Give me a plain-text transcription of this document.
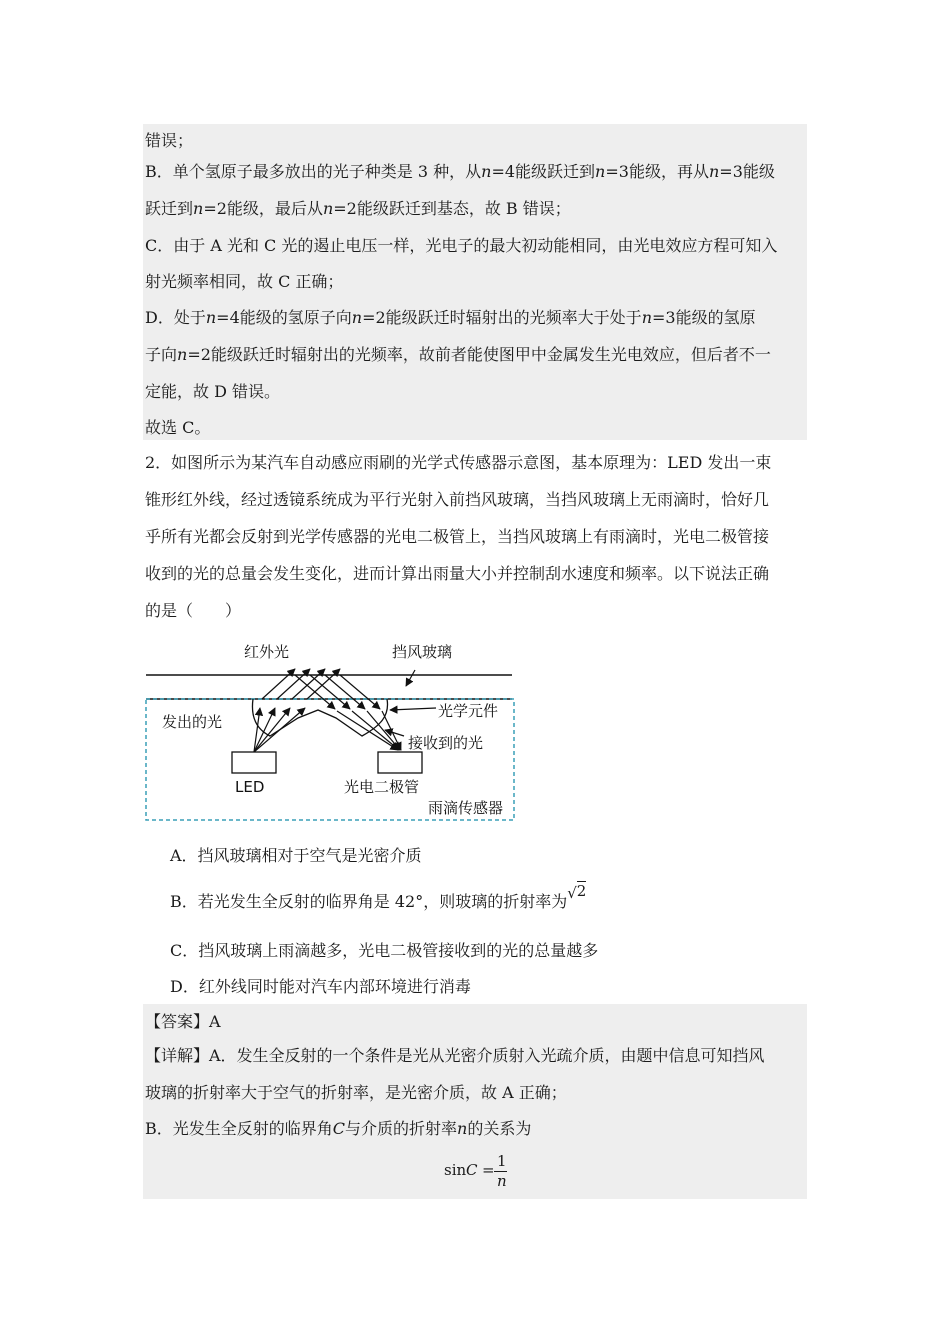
错误；
B．单个氢原子最多放出的光子种类是 3 种，从n=4能级跃迁到n=3能级，再从n=3能级
跃迁到n=2能级，最后从n=2能级跃迁到基态，故 B 错误；
C．由于 A 光和 C 光的遏止电压一样，光电子的最大初动能相同，由光电效应方程可知入
射光频率相同，故 C 正确；
D．处于n=4能级的氢原子向n=2能级跃迁时辐射出的光频率大于处于n=3能级的氢原
子向n=2能级跃迁时辐射出的光频率，故前者能使图甲中金属发生光电效应，但后者不一
定能，故 D 错误。
故选 C。
2．如图所示为某汽车自动感应雨刷的光学式传感器示意图，基本原理为：LED 发出一束
锥形红外线，经过透镜系统成为平行光射入前挡风玻璃，当挡风玻璃上无雨滴时，恰好几
乎所有光都会反射到光学传感器的光电二极管上，当挡风玻璃上有雨滴时，光电二极管接
收到的光的总量会发生变化，进而计算出雨量大小并控制刮水速度和频率。以下说法正确
的是（　　）
红外光	挡风玻璃
发出的光
光学元件
接收到的光
LED	光电二极管
雨滴传感器
A．挡风玻璃相对于空气是光密介质
B．若光发生全反射的临界角是 42°，则玻璃的折射率为√2
C．挡风玻璃上雨滴越多，光电二极管接收到的光的总量越多
D．红外线同时能对汽车内部环境进行消毒
【答案】A
【详解】A．发生全反射的一个条件是光从光密介质射入光疏介质，由题中信息可知挡风
玻璃的折射率大于空气的折射率，是光密介质，故 A 正确；
B．光发生全反射的临界角C与介质的折射率n的关系为
sin C = 1
n
